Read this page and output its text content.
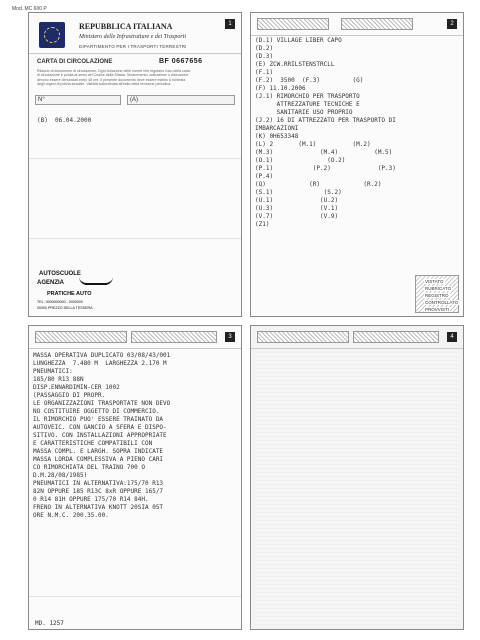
Mod. MC 600 P
1
REPUBBLICA ITALIANA
Ministero delle Infrastrutture e dei Trasporti
DIPARTIMENTO PER I TRASPORTI TERRESTRI
CARTA DI CIRCOLAZIONE	BF 0667656
Rilascio di documento di circolazione. Ogni violazione delle norme che regolano l'uso della carta
di circolazione è punita ai sensi del Codice della Strada. Smarrimento, sottrazione o distruzione
devono essere denunciati entro 48 ore. Il presente documento deve essere esibito a richiesta
degli organi di polizia stradale. Validità subordinata all'esito della revisione periodica.
N°	(A)
(B)  06.04.2000
AUTOSCUOLE
AGENZIA
PRATICHE AUTO
TEL. 0000000000 - 0000000
00000 PREZZO DELLA TESSERA
2
(D.1) VILLAGE LIBER CAPO
(D.2)
(D.3)
(E) ZCW.RRILSTENSTRCLL
(F.1)
(F.2)  3500  (F.3)         (G)
(F) 11.10.2006
(J.1) RIMORCHIO PER TRASPORTO
ATTREZZATURE TECNICHE E
SANITARIE USO PROPRIO
(J.2) 16 DI ATTREZZATO PER TRASPORTO DI
IMBARCAZIONI
(K) 0H653348
(L) 2       (M.1)          (M.2)
(M.3)             (M.4)          (M.5)
(O.1)               (O.2)
(P.1)           (P.2)             (P.3)
(P.4)
(Q)            (R)            (R.2)
(S.1)              (S.2)
(U.1)             (U.2)
(U.3)             (V.1)
(V.7)             (V.9)
(Z1)
VISTATO
RUBRICATO
REGISTRO
CONTROLLATO
PROVVISTI
3
MASSA OPERATIVA DUPLICATO 03/08/43/001
LUNGHEZZA  7.480 M  LARGHEZZA 2.170 M
PNEUMATICI:
185/80 R13 88N
DISP.ENNARDIMIN-CER 1002
(PASSAGGIO DI PROPR.
LE ORGANIZZAZIONI TRASPORTATE NON DEVO
NO COSTITUIRE OGGETTO DI COMMERCIO.
IL RIMORCHIO PUO' ESSERE TRAINATO DA
AUTOVEIC. CON GANCIO A SFERA E DISPO-
SITIVO. CON INSTALLAZIONI APPROPRIATE
E CARATTERISTICHE COMPATIBILI CON
MASSA COMPL. E LARGH. SOPRA INDICATE
MASSA LORDA COMPLESSIVA A PIENO CARI
CO RIMORCHIATA DEL TRAINO 700 O
D.M.28/08/1985)
PNEUMATICI IN ALTERNATIVA:175/70 R13
82N OPPURE 185 R13C 8xR OPPURE 165/7
0 R14 81H OPPURE 175/70 R14 84H.
FRENO IN ALTERNATIVA KNOTT 20SIA 05T
ORE N.M.C. 200.35.00.
MD. 1257
4
